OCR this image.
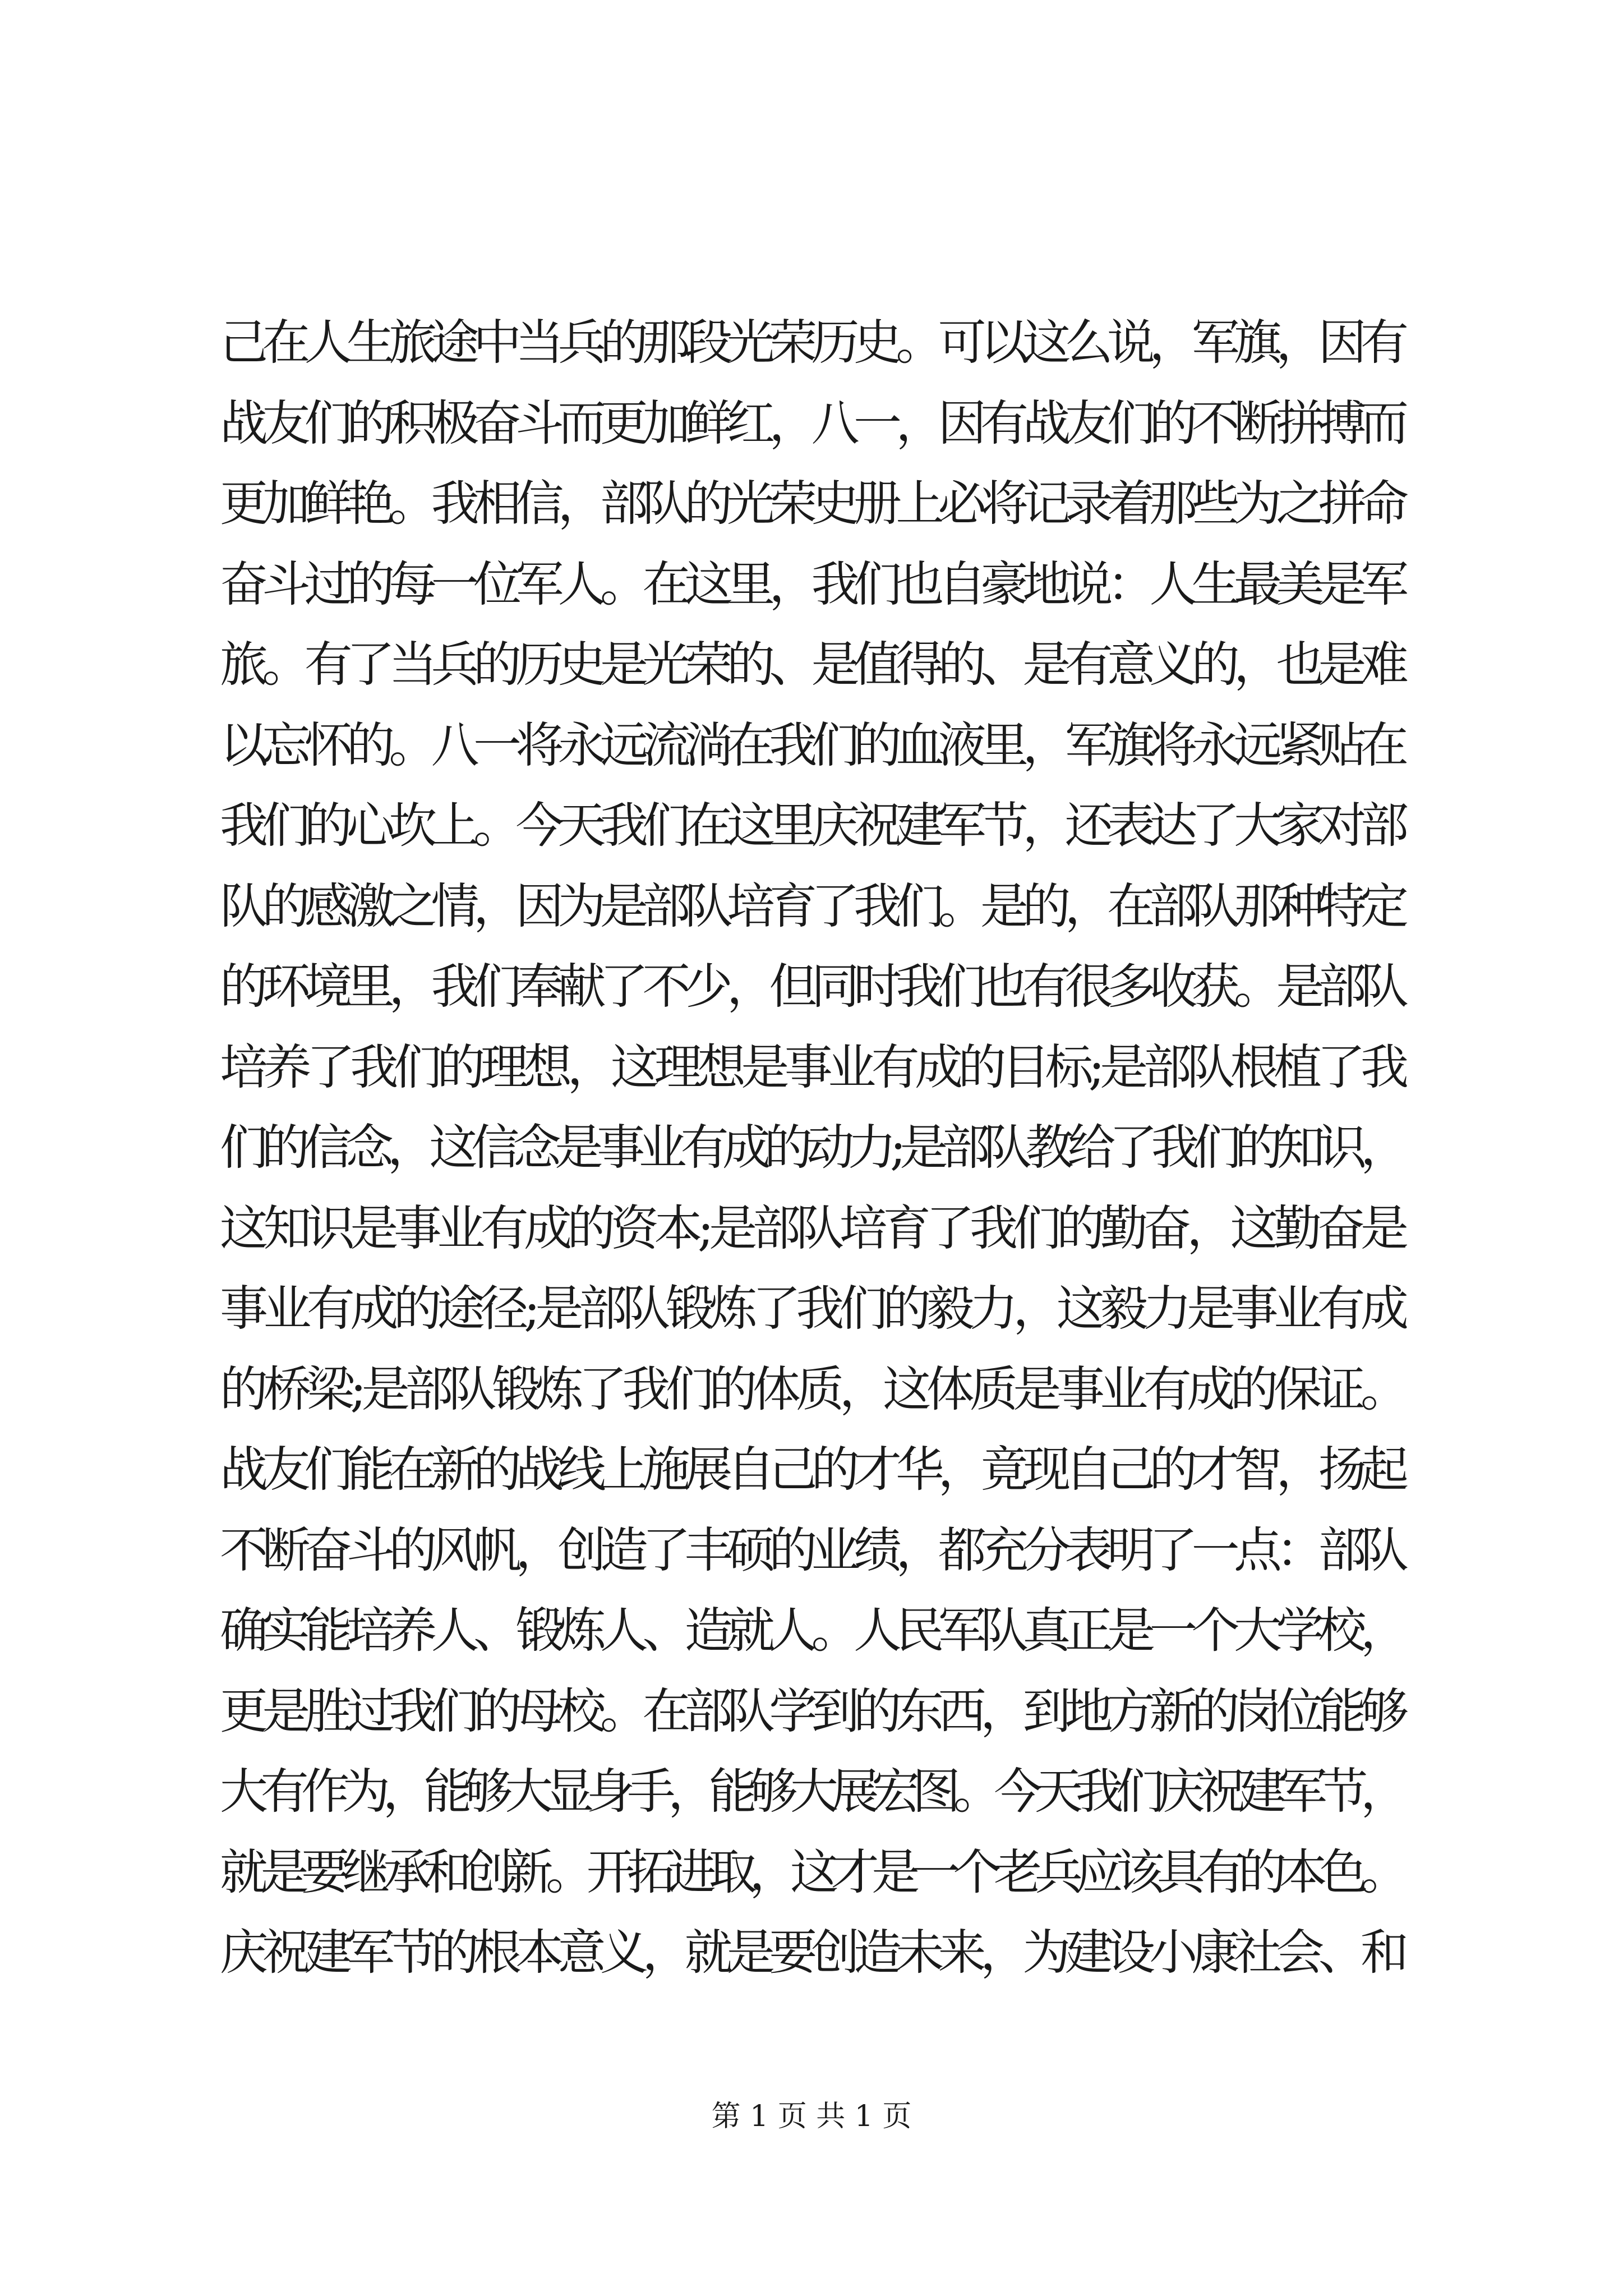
己在人生旅途中当兵的那段光荣历史。可以这么说，军旗，因有
战友们的积极奋斗而更加鲜红，八一，因有战友们的不断拼搏而
更加鲜艳。我相信，部队的光荣史册上必将记录着那些为之拼命
奋斗过的每一位军人。在这里，我们也自豪地说：人生最美是军
旅。有了当兵的历史是光荣的、是值得的、是有意义的，也是难
以忘怀的。八一将永远流淌在我们的血液里，军旗将永远紧贴在
我们的心坎上。今天我们在这里庆祝建军节，还表达了大家对部
队的感激之情，因为是部队培育了我们。是的，在部队那种特定
的环境里，我们奉献了不少，但同时我们也有很多收获。是部队
培养了我们的理想，这理想是事业有成的目标;是部队根植了我
们的信念，这信念是事业有成的动力;是部队教给了我们的知识，
这知识是事业有成的资本;是部队培育了我们的勤奋，这勤奋是
事业有成的途径;是部队锻炼了我们的毅力，这毅力是事业有成
的桥梁;是部队锻炼了我们的体质，这体质是事业有成的保证。
战友们能在新的战线上施展自己的才华，竟现自己的才智，扬起
不断奋斗的风帆，创造了丰硕的业绩，都充分表明了一点：部队
确实能培养人、锻炼人、造就人。人民军队真正是一个大学校，
更是胜过我们的母校。在部队学到的东西，到地方新的岗位能够
大有作为，能够大显身手，能够大展宏图。今天我们庆祝建军节，
就是要继承和创新。开拓进取，这才是一个老兵应该具有的本色。
庆祝建军节的根本意义，就是要创造未来，为建设小康社会、和
第 1 页 共 1 页
